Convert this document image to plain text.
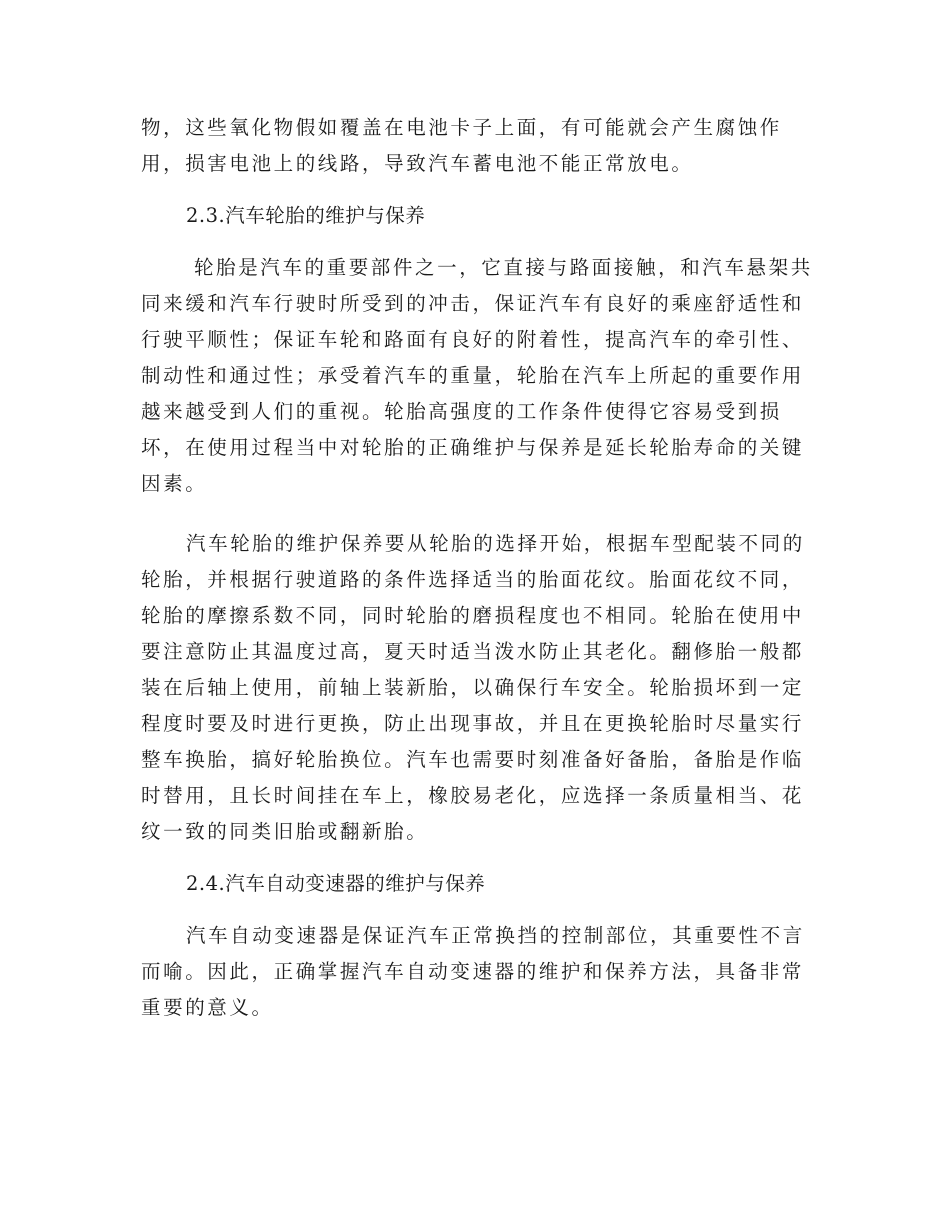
物，这些氧化物假如覆盖在电池卡子上面，有可能就会产生腐蚀作
用，损害电池上的线路，导致汽车蓄电池不能正常放电。
2.3.汽车轮胎的维护与保养
轮胎是汽车的重要部件之一，它直接与路面接触，和汽车悬架共
同来缓和汽车行驶时所受到的冲击，保证汽车有良好的乘座舒适性和
行驶平顺性；保证车轮和路面有良好的附着性，提高汽车的牵引性、
制动性和通过性；承受着汽车的重量，轮胎在汽车上所起的重要作用
越来越受到人们的重视。轮胎高强度的工作条件使得它容易受到损
坏，在使用过程当中对轮胎的正确维护与保养是延长轮胎寿命的关键
因素。
汽车轮胎的维护保养要从轮胎的选择开始，根据车型配装不同的
轮胎，并根据行驶道路的条件选择适当的胎面花纹。胎面花纹不同，
轮胎的摩擦系数不同，同时轮胎的磨损程度也不相同。轮胎在使用中
要注意防止其温度过高，夏天时适当泼水防止其老化。翻修胎一般都
装在后轴上使用，前轴上装新胎，以确保行车安全。轮胎损坏到一定
程度时要及时进行更换，防止出现事故，并且在更换轮胎时尽量实行
整车换胎，搞好轮胎换位。汽车也需要时刻准备好备胎，备胎是作临
时替用，且长时间挂在车上，橡胶易老化，应选择一条质量相当、花
纹一致的同类旧胎或翻新胎。
2.4.汽车自动变速器的维护与保养
汽车自动变速器是保证汽车正常换挡的控制部位，其重要性不言
而喻。因此，正确掌握汽车自动变速器的维护和保养方法，具备非常
重要的意义。
